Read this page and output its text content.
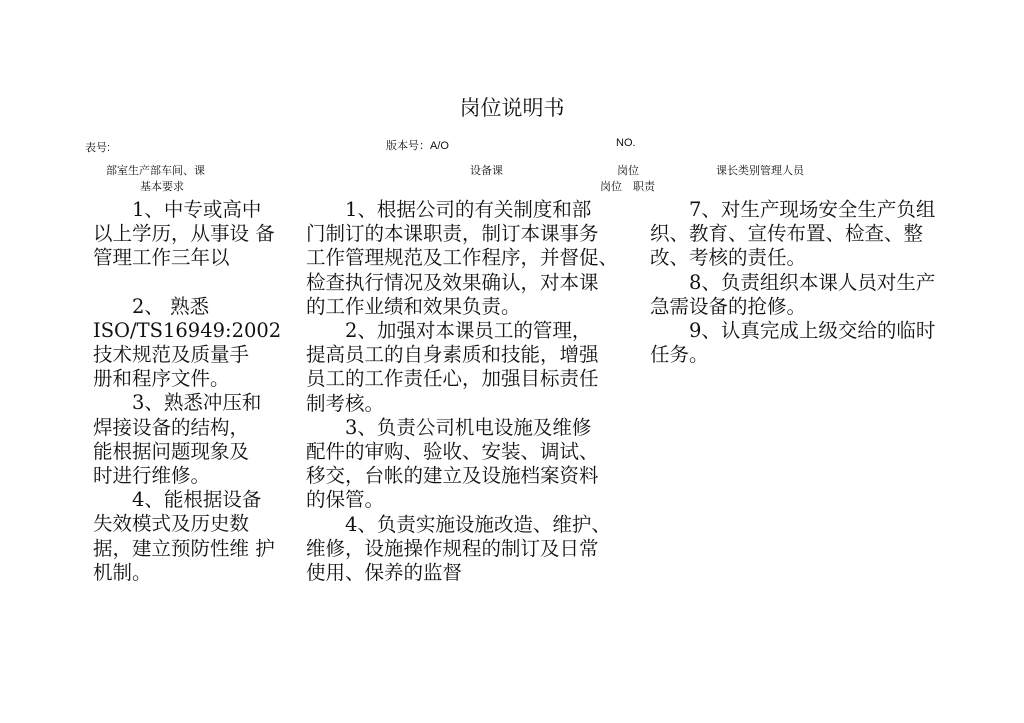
岗位说明书
表号:	版本号：A/O	NO.
部室生产部车间、课	设备课	岗位	课长类别管理人员
基本要求	岗位　职责

　　1、中专或高中

以上学历，从事设 备

管理工作三年以

　　2、 熟悉

ISO/TS16949:2002

技术规范及质量手

册和程序文件。

　　3、熟悉冲压和

焊接设备的结构，

能根据问题现象及

时进行维修。

　　4、能根据设备

失效模式及历史数

据，建立预防性维 护

机制。

　　1、根据公司的有关制度和部

门制订的本课职责，制订本课事务

工作管理规范及工作程序，并督促、

检查执行情况及效果确认，对本课

的工作业绩和效果负责。

　　2、加强对本课员工的管理，

提高员工的自身素质和技能，增强

员工的工作责任心，加强目标责任

制考核。

　　3、负责公司机电设施及维修

配件的审购、验收、安装、调试、

移交，台帐的建立及设施档案资料

的保管。

　　4、负责实施设施改造、维护、

维修，设施操作规程的制订及日常

使用、保养的监督

　　7、对生产现场安全生产负组

织、教育、宣传布置、检查、整

改、考核的责任。

　　8、负责组织本课人员对生产

急需设备的抢修。

　　9、认真完成上级交给的临时

任务。
